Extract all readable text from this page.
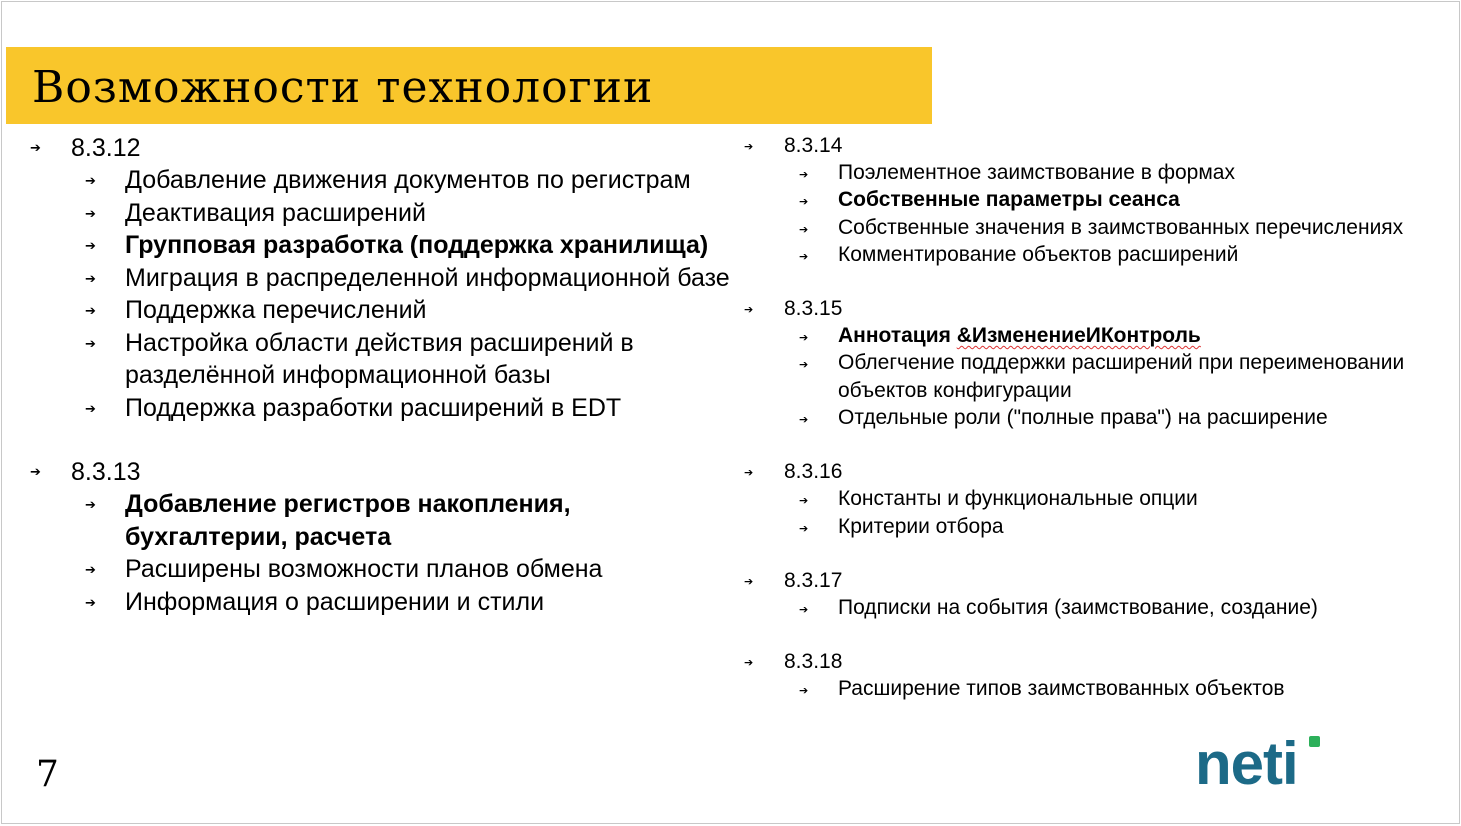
Возможности технологии
➔ 8.3.12
➔ Добавление движения документов по регистрам
➔ Деактивация расширений
➔ Групповая разработка (поддержка хранилища)
➔ Миграция в распределенной информационной базе
➔ Поддержка перечислений
➔ Настройка области действия расширений в разделённой информационной базы
➔ Поддержка разработки расширений в EDT
➔ 8.3.13
➔ Добавление регистров накопления, бухгалтерии, расчета
➔ Расширены возможности планов обмена
➔ Информация о расширении и стили
➔ 8.3.14
➔ Поэлементное заимствование в формах
➔ Собственные параметры сеанса
➔ Собственные значения в заимствованных перечислениях
➔ Комментирование объектов расширений
➔ 8.3.15
➔ Аннотация &ИзменениеИКонтроль
➔ Облегчение поддержки расширений при переименовании объектов конфигурации
➔ Отдельные роли ("полные права") на расширение
➔ 8.3.16
➔ Константы и функциональные опции
➔ Критерии отбора
➔ 8.3.17
➔ Подписки на события (заимствование, создание)
➔ 8.3.18
➔ Расширение типов заимствованных объектов
7	neti
